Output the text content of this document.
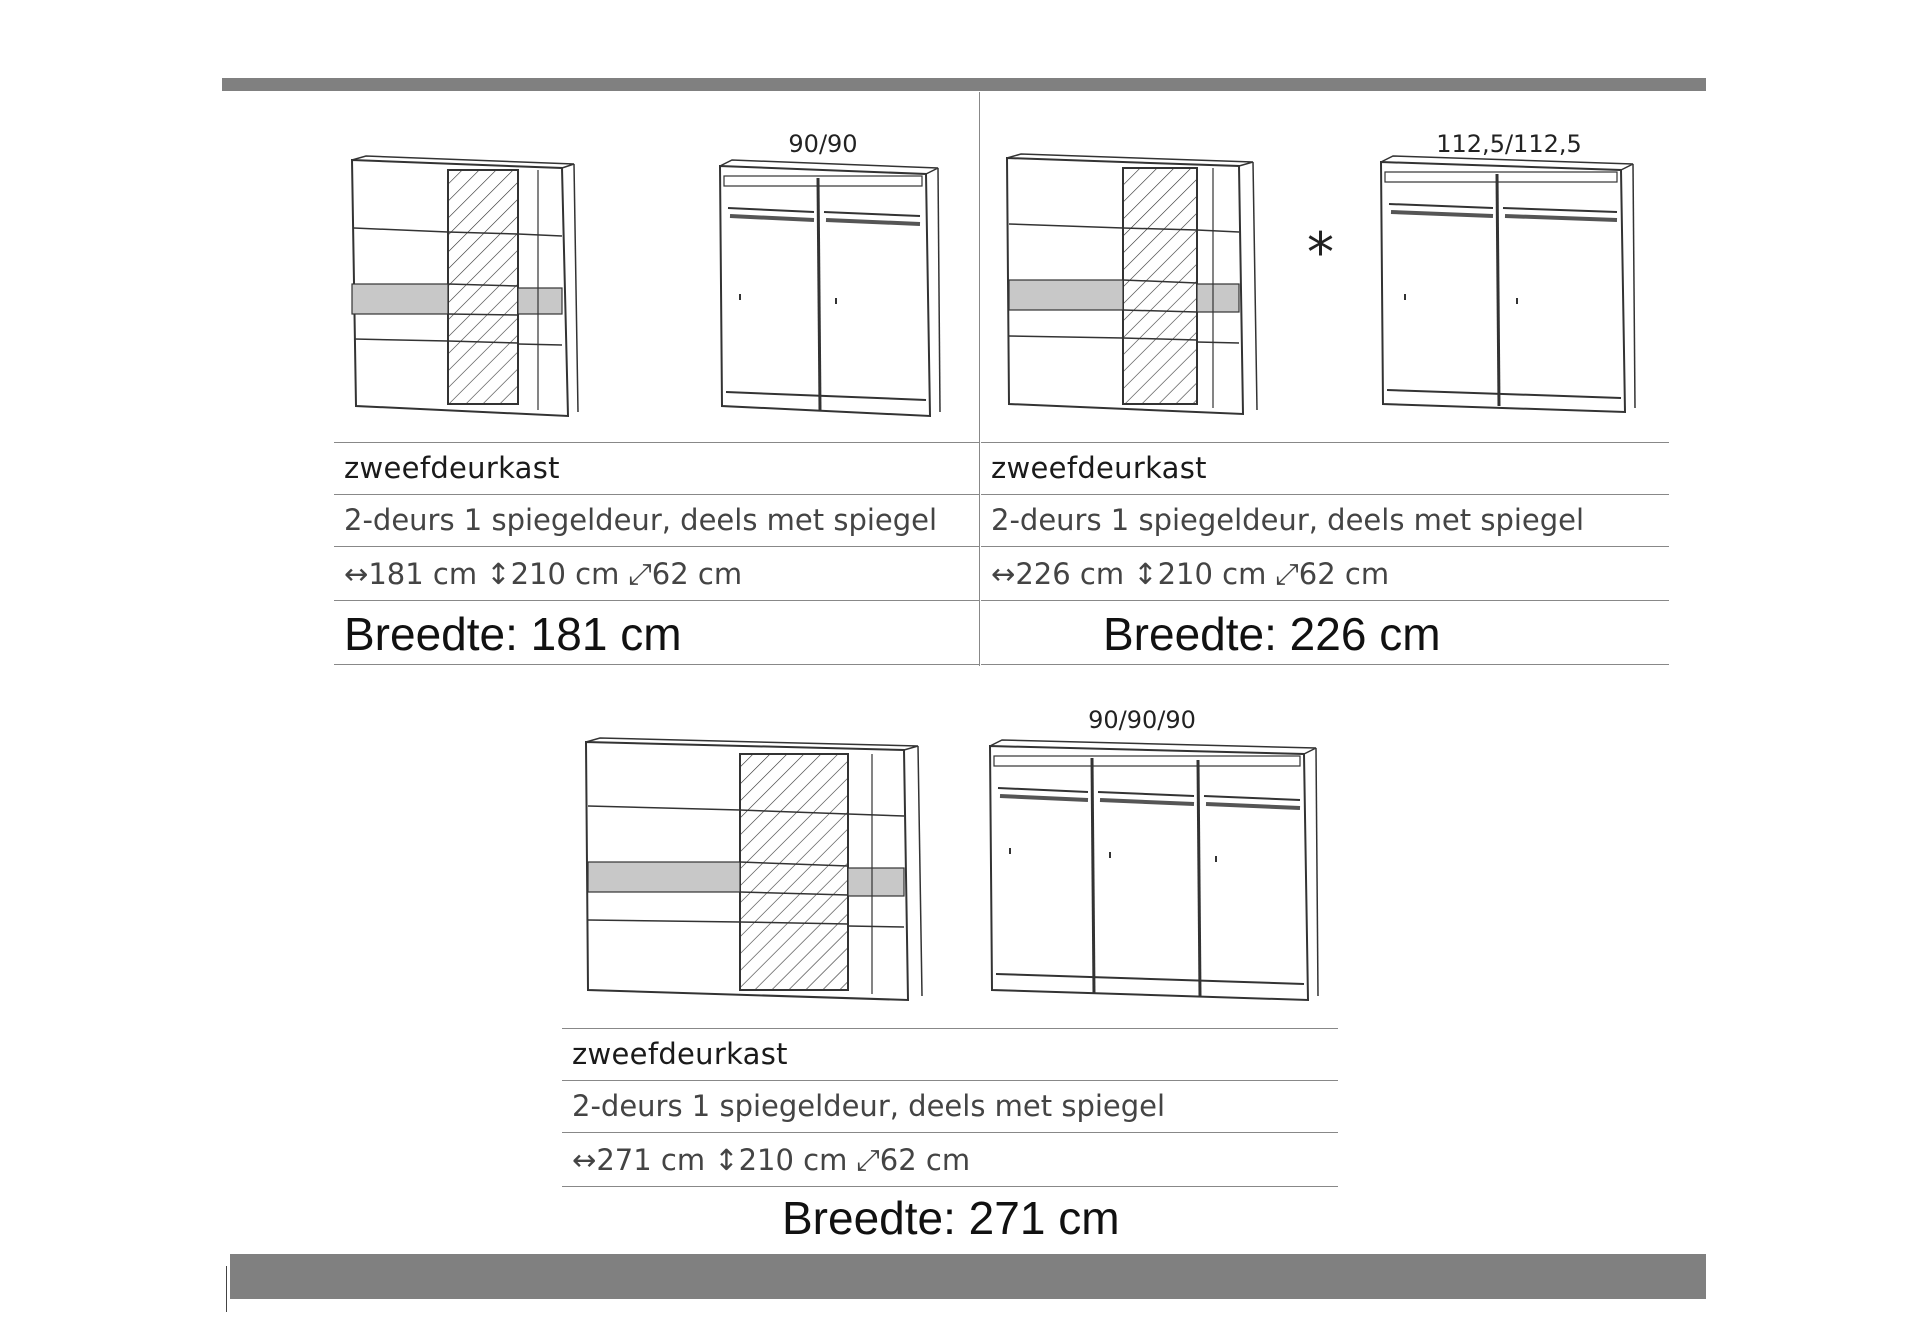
90/90
zweefdeurkast
2-deurs 1 spiegeldeur, deels met spiegel
↔181 cm ↕210 cm ⤢62 cm
Breedte: 181 cm
*
112,5/112,5
zweefdeurkast
2-deurs 1 spiegeldeur, deels met spiegel
↔226 cm ↕210 cm ⤢62 cm
Breedte: 226 cm
90/90/90
zweefdeurkast
2-deurs 1 spiegeldeur, deels met spiegel
↔271 cm ↕210 cm ⤢62 cm
Breedte: 271 cm
